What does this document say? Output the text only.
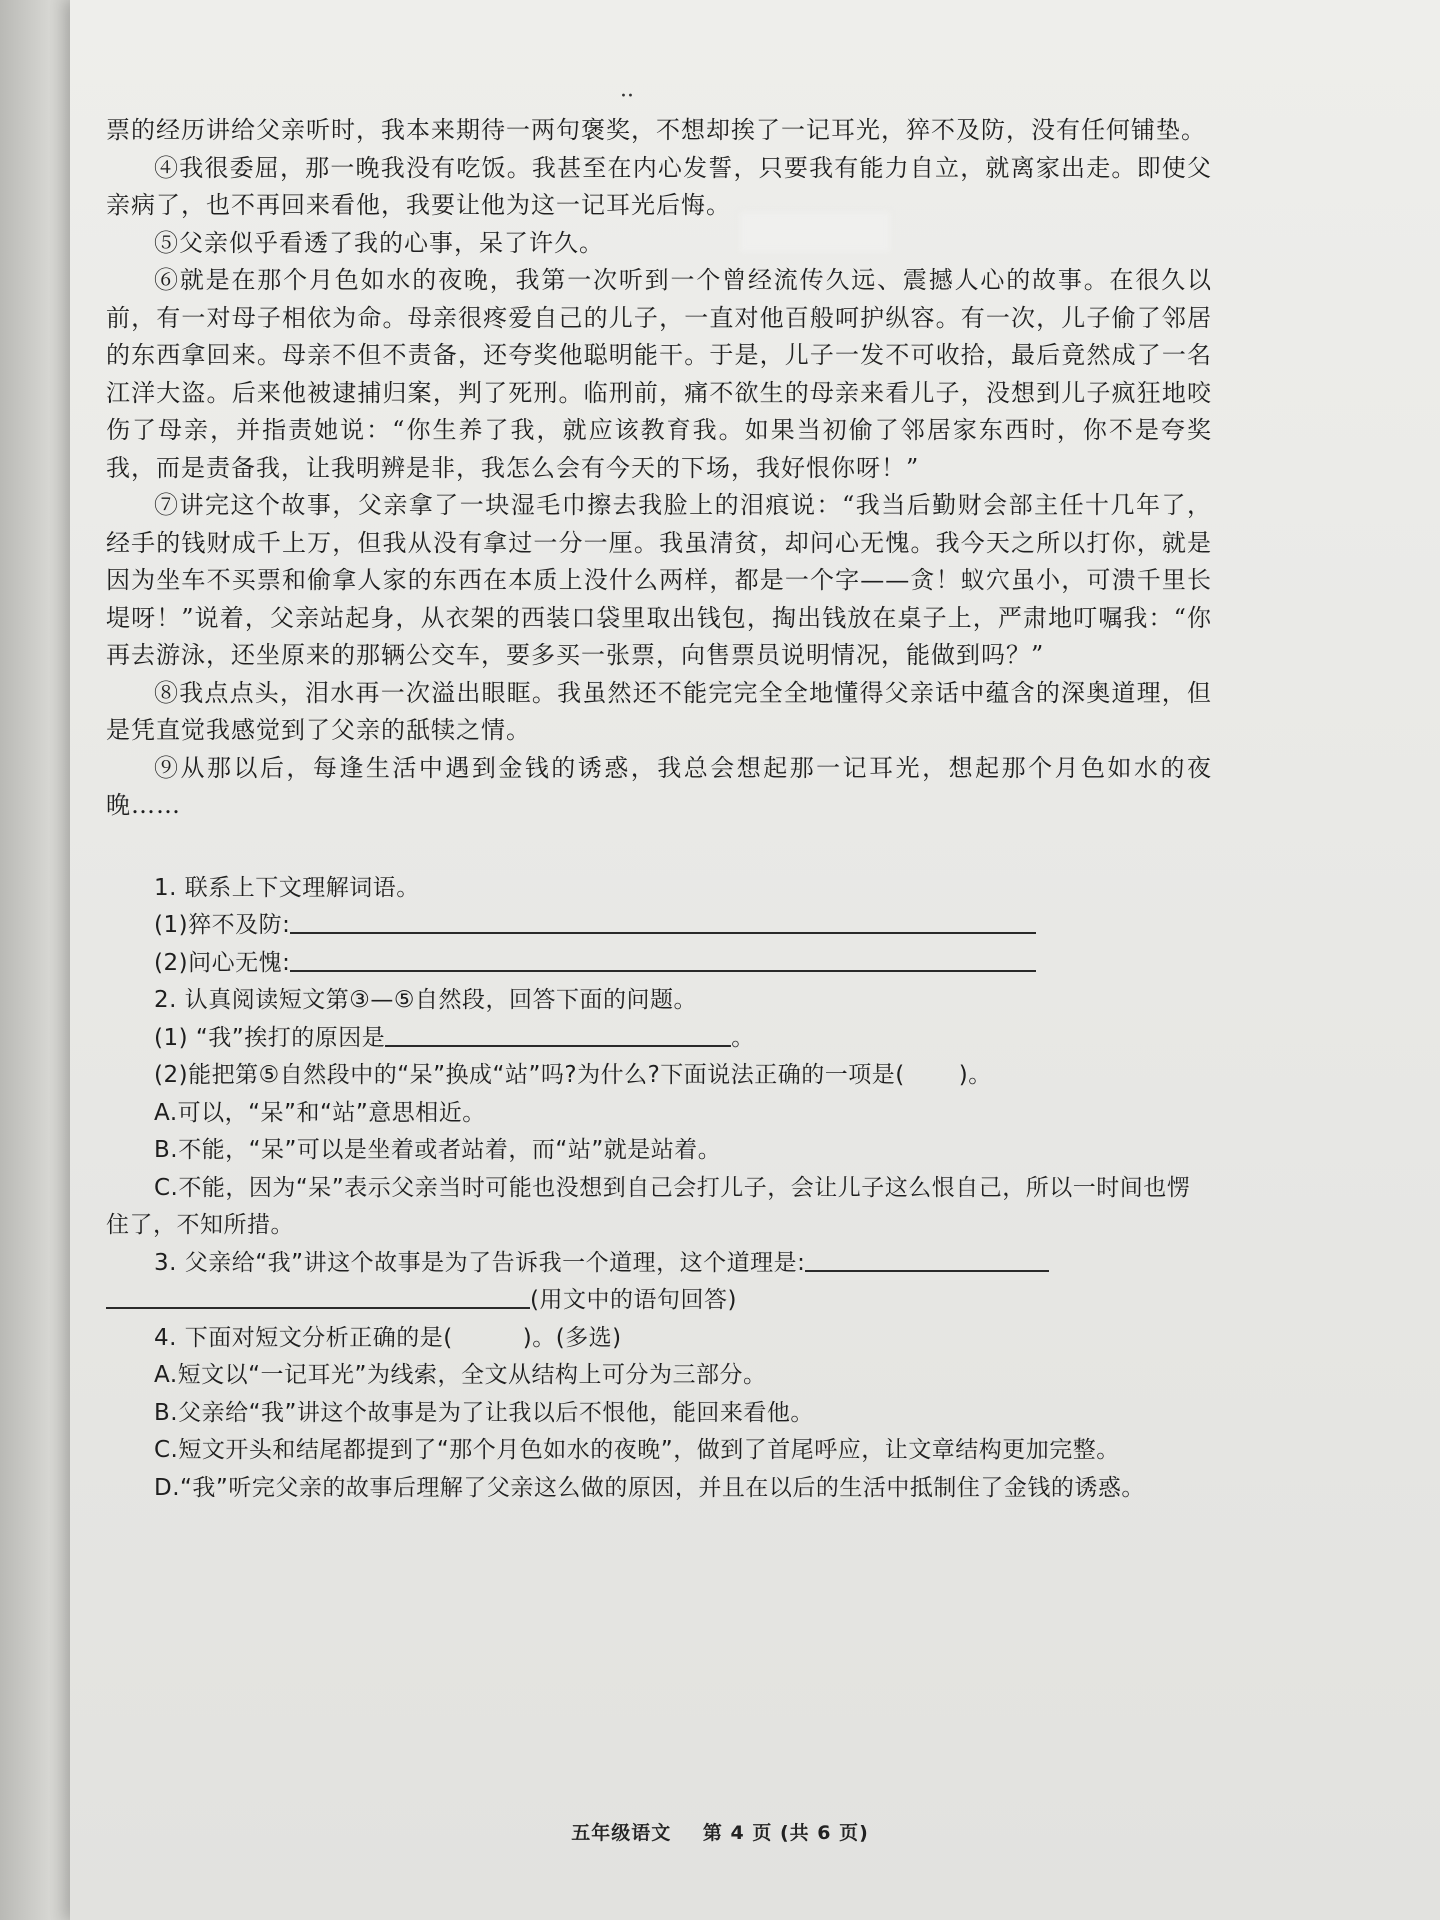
··

票的经历讲给父亲听时，我本来期待一两句褒奖，不想却挨了一记耳光，猝不及防，没有任何铺垫。

④我很委屈，那一晚我没有吃饭。我甚至在内心发誓，只要我有能力自立，就离家出走。即使父亲病了，也不再回来看他，我要让他为这一记耳光后悔。

⑤父亲似乎看透了我的心事，呆了许久。

⑥就是在那个月色如水的夜晚，我第一次听到一个曾经流传久远、震撼人心的故事。在很久以前，有一对母子相依为命。母亲很疼爱自己的儿子，一直对他百般呵护纵容。有一次，儿子偷了邻居的东西拿回来。母亲不但不责备，还夸奖他聪明能干。于是，儿子一发不可收拾，最后竟然成了一名江洋大盗。后来他被逮捕归案，判了死刑。临刑前，痛不欲生的母亲来看儿子，没想到儿子疯狂地咬伤了母亲，并指责她说：“你生养了我，就应该教育我。如果当初偷了邻居家东西时，你不是夸奖我，而是责备我，让我明辨是非，我怎么会有今天的下场，我好恨你呀！”

⑦讲完这个故事，父亲拿了一块湿毛巾擦去我脸上的泪痕说：“我当后勤财会部主任十几年了，经手的钱财成千上万，但我从没有拿过一分一厘。我虽清贫，却问心无愧。我今天之所以打你，就是因为坐车不买票和偷拿人家的东西在本质上没什么两样，都是一个字——贪！蚁穴虽小，可溃千里长堤呀！”说着，父亲站起身，从衣架的西装口袋里取出钱包，掏出钱放在桌子上，严肃地叮嘱我：“你再去游泳，还坐原来的那辆公交车，要多买一张票，向售票员说明情况，能做到吗？”

⑧我点点头，泪水再一次溢出眼眶。我虽然还不能完完全全地懂得父亲话中蕴含的深奥道理，但是凭直觉我感觉到了父亲的舐犊之情。

⑨从那以后，每逢生活中遇到金钱的诱惑，我总会想起那一记耳光，想起那个月色如水的夜晚……

1. 联系上下文理解词语。

(1)猝不及防:

(2)问心无愧:

2. 认真阅读短文第③—⑤自然段，回答下面的问题。

(1) “我”挨打的原因是	。

(2)能把第⑤自然段中的“呆”换成“站”吗?为什么?下面说法正确的一项是( )。

A.可以，“呆”和“站”意思相近。

B.不能，“呆”可以是坐着或者站着，而“站”就是站着。

C.不能，因为“呆”表示父亲当时可能也没想到自己会打儿子，会让儿子这么恨自己，所以一时间也愣住了，不知所措。

3. 父亲给“我”讲这个故事是为了告诉我一个道理，这个道理是:

(用文中的语句回答)

4. 下面对短文分析正确的是(	)。(多选)

A.短文以“一记耳光”为线索，全文从结构上可分为三部分。

B.父亲给“我”讲这个故事是为了让我以后不恨他，能回来看他。

C.短文开头和结尾都提到了“那个月色如水的夜晚”，做到了首尾呼应，让文章结构更加完整。

D.“我”听完父亲的故事后理解了父亲这么做的原因，并且在以后的生活中抵制住了金钱的诱惑。

五年级语文 第 4 页 (共 6 页)
